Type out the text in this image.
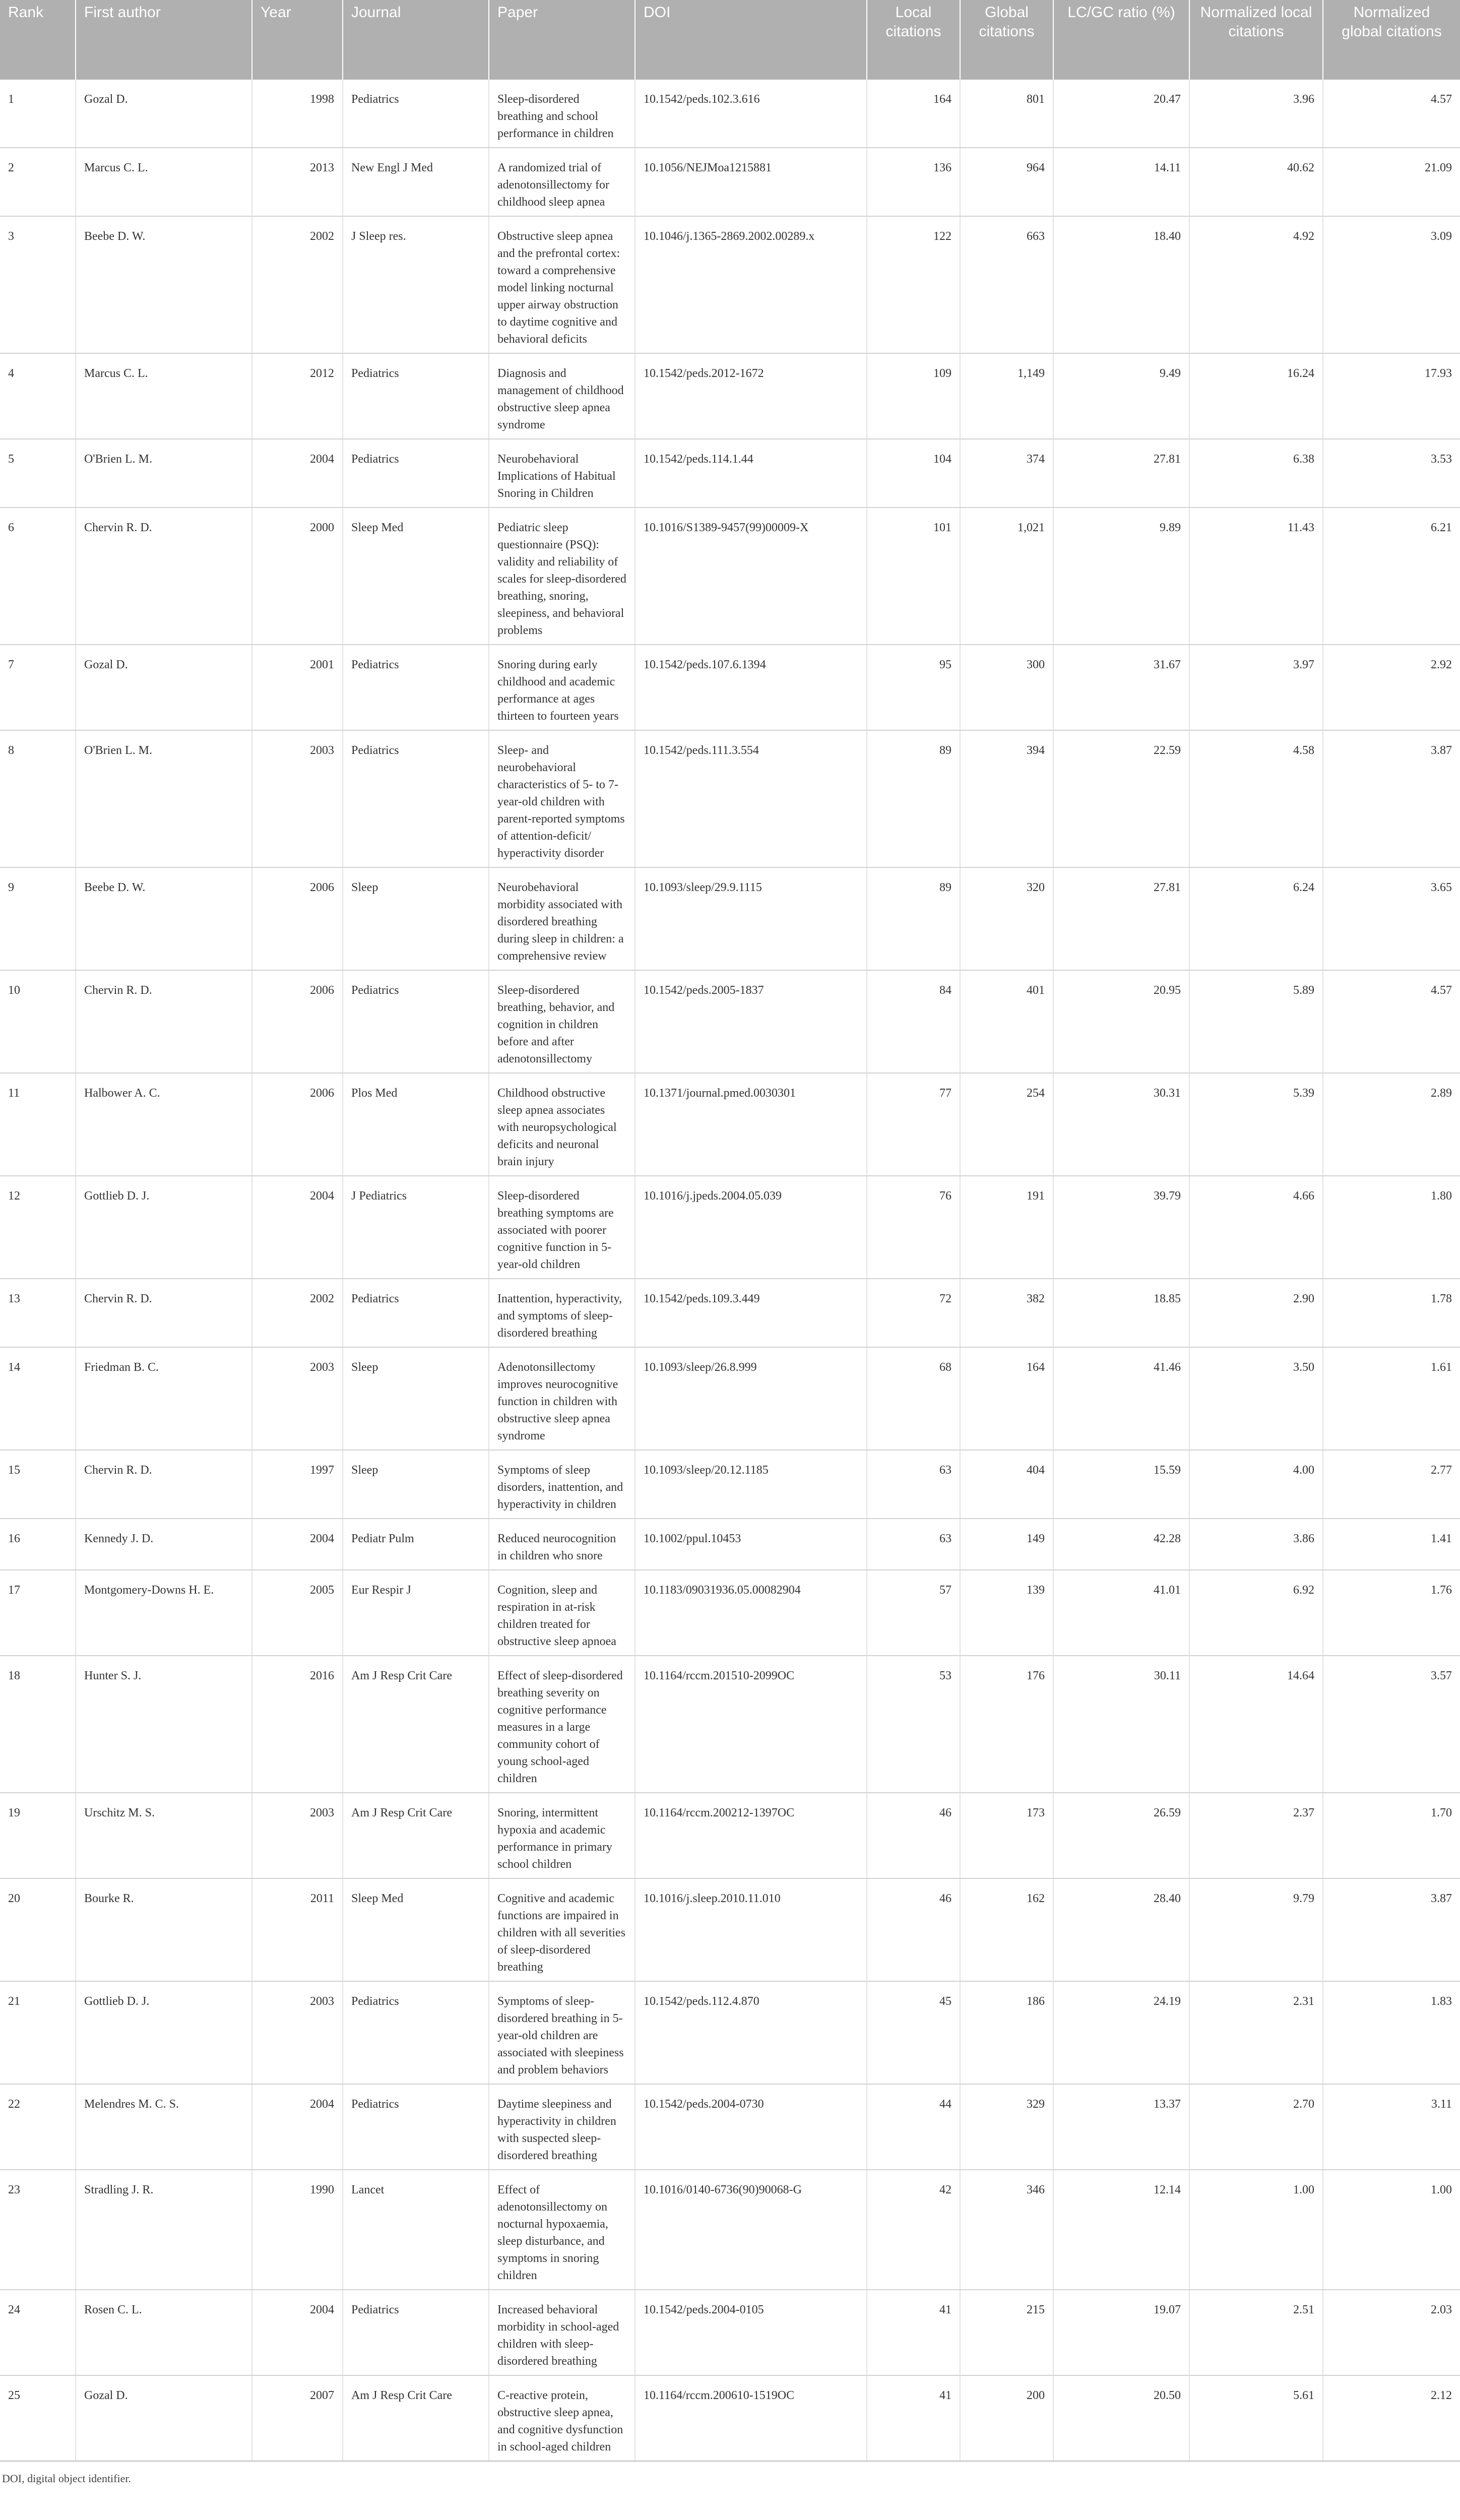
Rank	First author	Year	Journal	Paper	DOI	Local citations	Global citations	LC/GC ratio (%)	Normalized local citations	Normalized global citations
1	Gozal D.	1998	Pediatrics	Sleep-disordered breathing and school performance in children	10.1542/peds.102.3.616	164	801	20.47	3.96	4.57
2	Marcus C. L.	2013	New Engl J Med	A randomized trial of adenotonsillectomy for childhood sleep apnea	10.1056/NEJMoa1215881	136	964	14.11	40.62	21.09
3	Beebe D. W.	2002	J Sleep res.	Obstructive sleep apnea and the prefrontal cortex: toward a comprehensive model linking nocturnal upper airway obstruction to daytime cognitive and behavioral deficits	10.1046/j.1365-2869.2002.00289.x	122	663	18.40	4.92	3.09
4	Marcus C. L.	2012	Pediatrics	Diagnosis and management of childhood obstructive sleep apnea syndrome	10.1542/peds.2012-1672	109	1,149	9.49	16.24	17.93
5	O'Brien L. M.	2004	Pediatrics	Neurobehavioral Implications of Habitual Snoring in Children	10.1542/peds.114.1.44	104	374	27.81	6.38	3.53
6	Chervin R. D.	2000	Sleep Med	Pediatric sleep questionnaire (PSQ): validity and reliability of scales for sleep-disordered breathing, snoring, sleepiness, and behavioral problems	10.1016/S1389-9457(99)00009-X	101	1,021	9.89	11.43	6.21
7	Gozal D.	2001	Pediatrics	Snoring during early childhood and academic performance at ages thirteen to fourteen years	10.1542/peds.107.6.1394	95	300	31.67	3.97	2.92
8	O'Brien L. M.	2003	Pediatrics	Sleep- and neurobehavioral characteristics of 5- to 7-year-old children with parent-reported symptoms of attention-deficit/ hyperactivity disorder	10.1542/peds.111.3.554	89	394	22.59	4.58	3.87
9	Beebe D. W.	2006	Sleep	Neurobehavioral morbidity associated with disordered breathing during sleep in children: a comprehensive review	10.1093/sleep/29.9.1115	89	320	27.81	6.24	3.65
10	Chervin R. D.	2006	Pediatrics	Sleep-disordered breathing, behavior, and cognition in children before and after adenotonsillectomy	10.1542/peds.2005-1837	84	401	20.95	5.89	4.57
11	Halbower A. C.	2006	Plos Med	Childhood obstructive sleep apnea associates with neuropsychological deficits and neuronal brain injury	10.1371/journal.pmed.0030301	77	254	30.31	5.39	2.89
12	Gottlieb D. J.	2004	J Pediatrics	Sleep-disordered breathing symptoms are associated with poorer cognitive function in 5-year-old children	10.1016/j.jpeds.2004.05.039	76	191	39.79	4.66	1.80
13	Chervin R. D.	2002	Pediatrics	Inattention, hyperactivity, and symptoms of sleep-disordered breathing	10.1542/peds.109.3.449	72	382	18.85	2.90	1.78
14	Friedman B. C.	2003	Sleep	Adenotonsillectomy improves neurocognitive function in children with obstructive sleep apnea syndrome	10.1093/sleep/26.8.999	68	164	41.46	3.50	1.61
15	Chervin R. D.	1997	Sleep	Symptoms of sleep disorders, inattention, and hyperactivity in children	10.1093/sleep/20.12.1185	63	404	15.59	4.00	2.77
16	Kennedy J. D.	2004	Pediatr Pulm	Reduced neurocognition in children who snore	10.1002/ppul.10453	63	149	42.28	3.86	1.41
17	Montgomery-Downs H. E.	2005	Eur Respir J	Cognition, sleep and respiration in at-risk children treated for obstructive sleep apnoea	10.1183/09031936.05.00082904	57	139	41.01	6.92	1.76
18	Hunter S. J.	2016	Am J Resp Crit Care	Effect of sleep-disordered breathing severity on cognitive performance measures in a large community cohort of young school-aged children	10.1164/rccm.201510-2099OC	53	176	30.11	14.64	3.57
19	Urschitz M. S.	2003	Am J Resp Crit Care	Snoring, intermittent hypoxia and academic performance in primary school children	10.1164/rccm.200212-1397OC	46	173	26.59	2.37	1.70
20	Bourke R.	2011	Sleep Med	Cognitive and academic functions are impaired in children with all severities of sleep-disordered breathing	10.1016/j.sleep.2010.11.010	46	162	28.40	9.79	3.87
21	Gottlieb D. J.	2003	Pediatrics	Symptoms of sleep-disordered breathing in 5-year-old children are associated with sleepiness and problem behaviors	10.1542/peds.112.4.870	45	186	24.19	2.31	1.83
22	Melendres M. C. S.	2004	Pediatrics	Daytime sleepiness and hyperactivity in children with suspected sleep-disordered breathing	10.1542/peds.2004-0730	44	329	13.37	2.70	3.11
23	Stradling J. R.	1990	Lancet	Effect of adenotonsillectomy on nocturnal hypoxaemia, sleep disturbance, and symptoms in snoring children	10.1016/0140-6736(90)90068-G	42	346	12.14	1.00	1.00
24	Rosen C. L.	2004	Pediatrics	Increased behavioral morbidity in school-aged children with sleep-disordered breathing	10.1542/peds.2004-0105	41	215	19.07	2.51	2.03
25	Gozal D.	2007	Am J Resp Crit Care	C-reactive protein, obstructive sleep apnea, and cognitive dysfunction in school-aged children	10.1164/rccm.200610-1519OC	41	200	20.50	5.61	2.12
DOI, digital object identifier.
